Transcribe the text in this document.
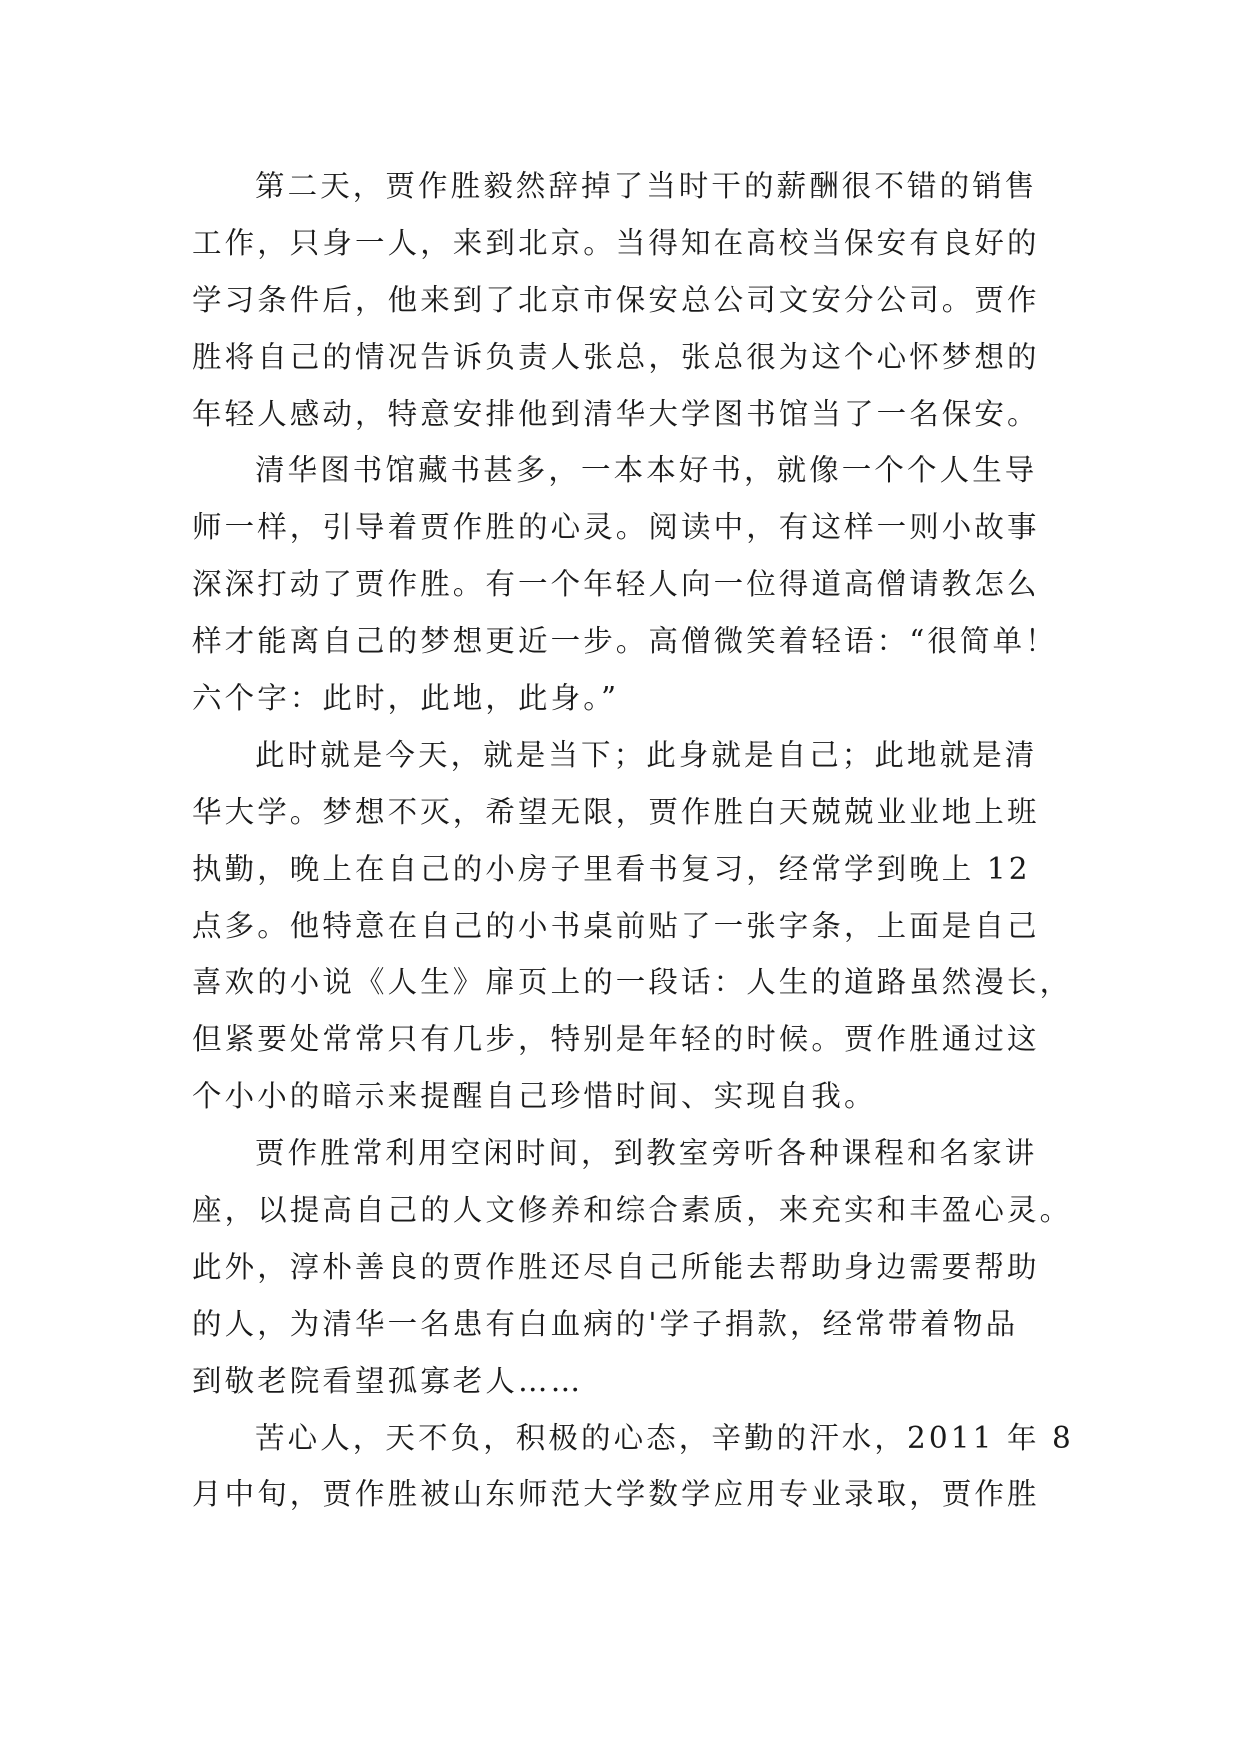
第二天，贾作胜毅然辞掉了当时干的薪酬很不错的销售
工作，只身一人，来到北京。当得知在高校当保安有良好的
学习条件后，他来到了北京市保安总公司文安分公司。贾作
胜将自己的情况告诉负责人张总，张总很为这个心怀梦想的
年轻人感动，特意安排他到清华大学图书馆当了一名保安。
清华图书馆藏书甚多，一本本好书，就像一个个人生导
师一样，引导着贾作胜的心灵。阅读中，有这样一则小故事
深深打动了贾作胜。有一个年轻人向一位得道高僧请教怎么
样才能离自己的梦想更近一步。高僧微笑着轻语：“很简单！
六个字：此时，此地，此身。”
此时就是今天，就是当下；此身就是自己；此地就是清
华大学。梦想不灭，希望无限，贾作胜白天兢兢业业地上班
执勤，晚上在自己的小房子里看书复习，经常学到晚上 12
点多。他特意在自己的小书桌前贴了一张字条，上面是自己
喜欢的小说《人生》扉页上的一段话：人生的道路虽然漫长，
但紧要处常常只有几步，特别是年轻的时候。贾作胜通过这
个小小的暗示来提醒自己珍惜时间、实现自我。
贾作胜常利用空闲时间，到教室旁听各种课程和名家讲
座，以提高自己的人文修养和综合素质，来充实和丰盈心灵。
此外，淳朴善良的贾作胜还尽自己所能去帮助身边需要帮助
的人，为清华一名患有白血病的'学子捐款，经常带着物品
到敬老院看望孤寡老人……
苦心人，天不负，积极的心态，辛勤的汗水，2011 年 8
月中旬，贾作胜被山东师范大学数学应用专业录取，贾作胜
